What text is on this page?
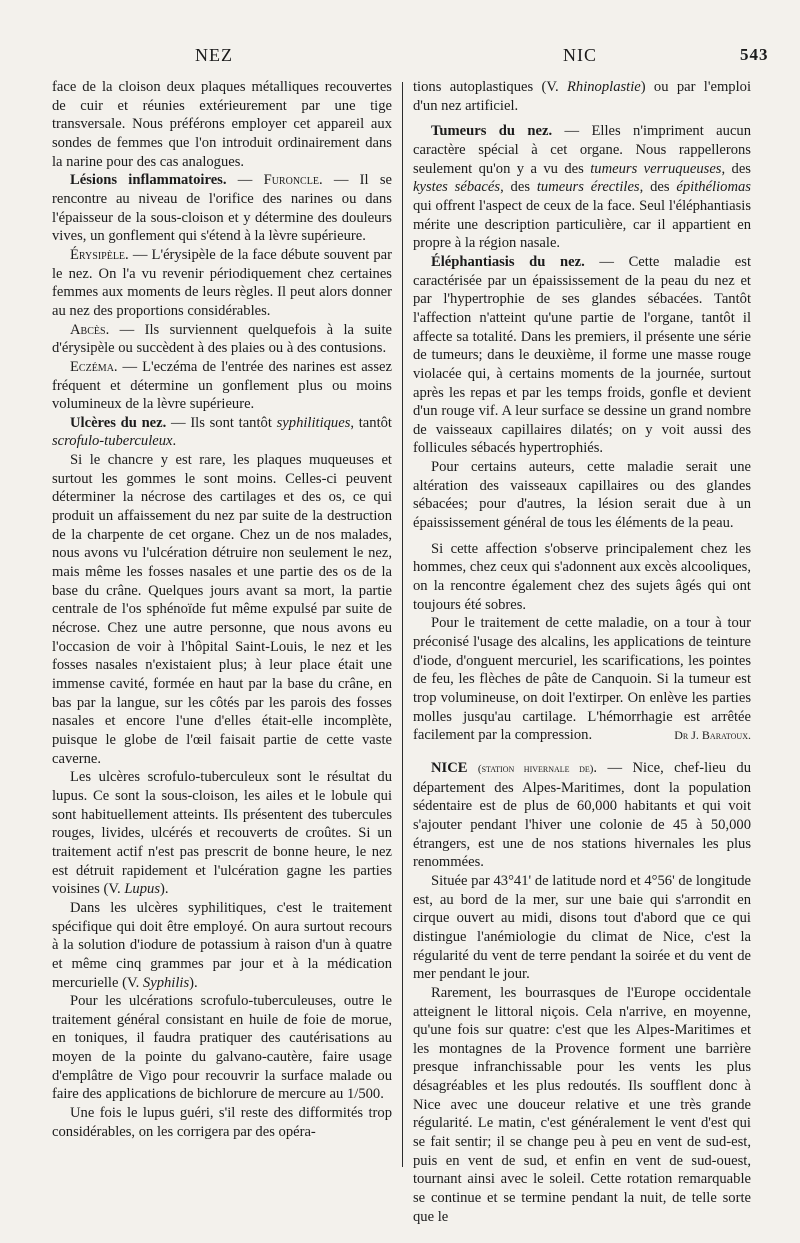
NEZ	NIC	543

face de la cloison deux plaques métalliques recouvertes de cuir et réunies extérieurement par une tige transversale. Nous préférons employer cet appareil aux sondes de femmes que l'on introduit ordinairement dans la narine pour des cas analogues.

Lésions inflammatoires. — Furoncle. — Il se rencontre au niveau de l'orifice des narines ou dans l'épaisseur de la sous-cloison et y détermine des douleurs vives, un gonflement qui s'étend à la lèvre supérieure.

Érysipèle. — L'érysipèle de la face débute souvent par le nez. On l'a vu revenir périodiquement chez certaines femmes aux moments de leurs règles. Il peut alors donner au nez des proportions considérables.

Abcès. — Ils surviennent quelquefois à la suite d'érysipèle ou succèdent à des plaies ou à des contusions.

Eczéma. — L'eczéma de l'entrée des narines est assez fréquent et détermine un gonflement plus ou moins volumineux de la lèvre supérieure.

Ulcères du nez. — Ils sont tantôt syphilitiques, tantôt scrofulo-tuberculeux.

Si le chancre y est rare, les plaques muqueuses et surtout les gommes le sont moins. Celles-ci peuvent déterminer la nécrose des cartilages et des os, ce qui produit un affaissement du nez par suite de la destruction de la charpente de cet organe. Chez un de nos malades, nous avons vu l'ulcération détruire non seulement le nez, mais même les fosses nasales et une partie des os de la base du crâne. Quelques jours avant sa mort, la partie centrale de l'os sphénoïde fut même expulsé par suite de nécrose. Chez une autre personne, que nous avons eu l'occasion de voir à l'hôpital Saint-Louis, le nez et les fosses nasales n'existaient plus; à leur place était une immense cavité, formée en haut par la base du crâne, en bas par la langue, sur les côtés par les parois des fosses nasales et encore l'une d'elles était-elle incomplète, puisque le globe de l'œil faisait partie de cette vaste caverne.

Les ulcères scrofulo-tuberculeux sont le résultat du lupus. Ce sont la sous-cloison, les ailes et le lobule qui sont habituellement atteints. Ils présentent des tubercules rouges, livides, ulcérés et recouverts de croûtes. Si un traitement actif n'est pas prescrit de bonne heure, le nez est détruit rapidement et l'ulcération gagne les parties voisines (V. Lupus).

Dans les ulcères syphilitiques, c'est le traitement spécifique qui doit être employé. On aura surtout recours à la solution d'iodure de potassium à raison d'un à quatre et même cinq grammes par jour et à la médication mercurielle (V. Syphilis).

Pour les ulcérations scrofulo-tuberculeuses, outre le traitement général consistant en huile de foie de morue, en toniques, il faudra pratiquer des cautérisations au moyen de la pointe du galvano-cautère, faire usage d'emplâtre de Vigo pour recouvrir la surface malade ou faire des applications de bichlorure de mercure au 1/500.

Une fois le lupus guéri, s'il reste des difformités trop considérables, on les corrigera par des opéra-

tions autoplastiques (V. Rhinoplastie) ou par l'emploi d'un nez artificiel.

Tumeurs du nez. — Elles n'impriment aucun caractère spécial à cet organe. Nous rappellerons seulement qu'on y a vu des tumeurs verruqueuses, des kystes sébacés, des tumeurs érectiles, des épithéliomas qui offrent l'aspect de ceux de la face. Seul l'éléphantiasis mérite une description particulière, car il appartient en propre à la région nasale.

Éléphantiasis du nez. — Cette maladie est caractérisée par un épaississement de la peau du nez et par l'hypertrophie de ses glandes sébacées. Tantôt l'affection n'atteint qu'une partie de l'organe, tantôt il affecte sa totalité. Dans les premiers, il présente une série de tumeurs; dans le deuxième, il forme une masse rouge violacée qui, à certains moments de la journée, surtout après les repas et par les temps froids, gonfle et devient d'un rouge vif. A leur surface se dessine un grand nombre de vaisseaux capillaires dilatés; on y voit aussi des follicules sébacés hypertrophiés.

Pour certains auteurs, cette maladie serait une altération des vaisseaux capillaires ou des glandes sébacées; pour d'autres, la lésion serait due à un épaississement général de tous les éléments de la peau.

Si cette affection s'observe principalement chez les hommes, chez ceux qui s'adonnent aux excès alcooliques, on la rencontre également chez des sujets âgés qui ont toujours été sobres.

Pour le traitement de cette maladie, on a tour à tour préconisé l'usage des alcalins, les applications de teinture d'iode, d'onguent mercuriel, les scarifications, les pointes de feu, les flèches de pâte de Canquoin. Si la tumeur est trop volumineuse, on doit l'extirper. On enlève les parties molles jusqu'au cartilage. L'hémorrhagie est arrêtée facilement par la compression.	Dr J. Baratoux.

NICE (station hivernale de). — Nice, chef-lieu du département des Alpes-Maritimes, dont la population sédentaire est de plus de 60,000 habitants et qui voit s'ajouter pendant l'hiver une colonie de 45 à 50,000 étrangers, est une de nos stations hivernales les plus renommées.

Située par 43°41' de latitude nord et 4°56' de longitude est, au bord de la mer, sur une baie qui s'arrondit en cirque ouvert au midi, disons tout d'abord que ce qui distingue l'anémiologie du climat de Nice, c'est la régularité du vent de terre pendant la soirée et du vent de mer pendant le jour.

Rarement, les bourrasques de l'Europe occidentale atteignent le littoral niçois. Cela n'arrive, en moyenne, qu'une fois sur quatre: c'est que les Alpes-Maritimes et les montagnes de la Provence forment une barrière presque infranchissable pour les vents les plus désagréables et les plus redoutés. Ils soufflent donc à Nice avec une douceur relative et une très grande régularité. Le matin, c'est généralement le vent d'est qui se fait sentir; il se change peu à peu en vent de sud-est, puis en vent de sud, et enfin en vent de sud-ouest, tournant ainsi avec le soleil. Cette rotation remarquable se continue et se termine pendant la nuit, de telle sorte que le
